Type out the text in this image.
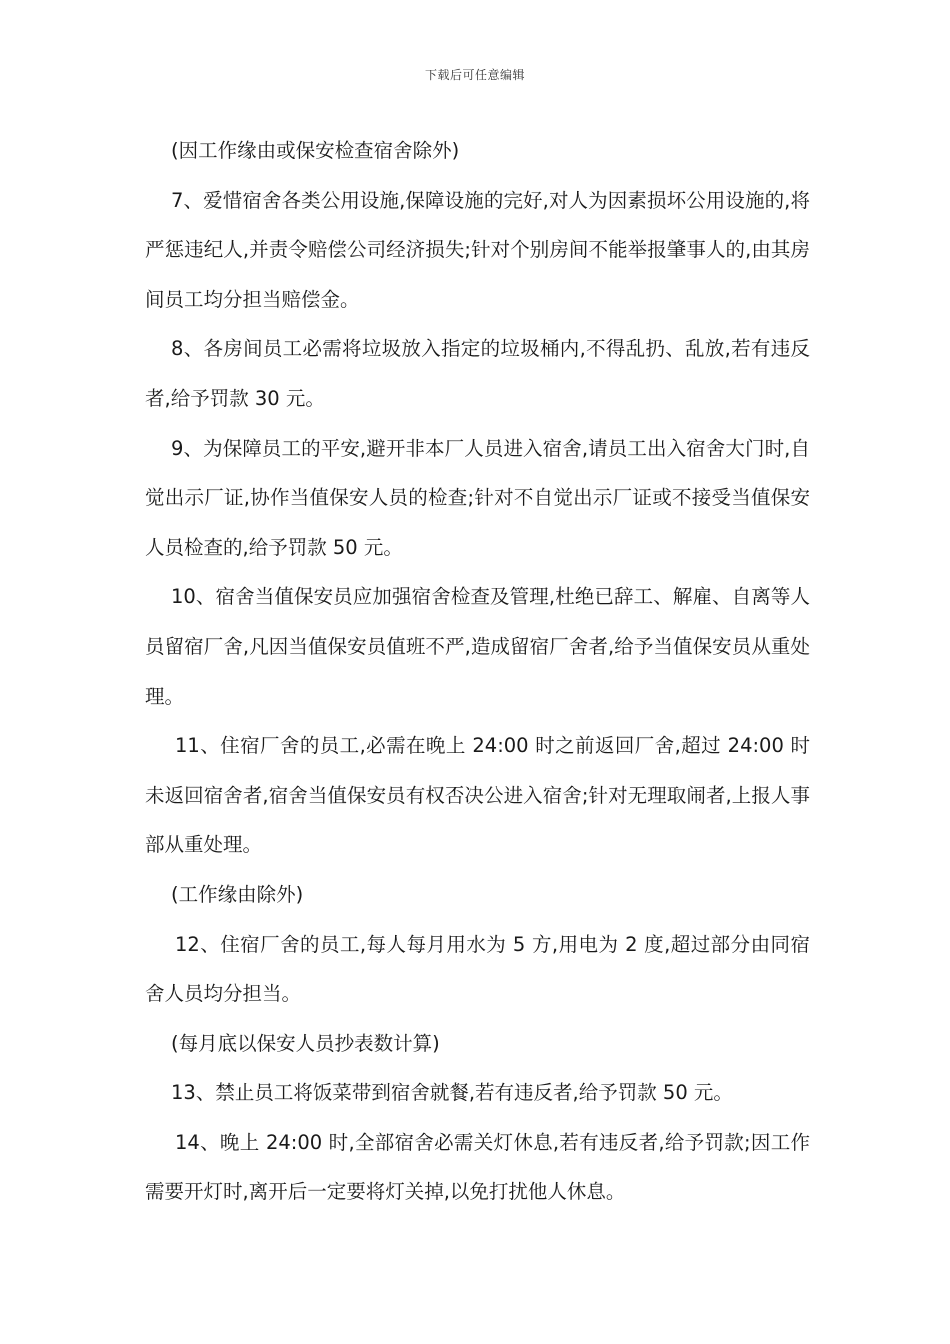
下载后可任意编辑

(因工作缘由或保安检查宿舍除外)

7、爱惜宿舍各类公用设施,保障设施的完好,对人为因素损坏公用设施的,将严惩违纪人,并责令赔偿公司经济损失;针对个别房间不能举报肇事人的,由其房间员工均分担当赔偿金。

8、各房间员工必需将垃圾放入指定的垃圾桶内,不得乱扔、乱放,若有违反者,给予罚款 30 元。

9、为保障员工的平安,避开非本厂人员进入宿舍,请员工出入宿舍大门时,自觉出示厂证,协作当值保安人员的检查;针对不自觉出示厂证或不接受当值保安人员检查的,给予罚款 50 元。

10、宿舍当值保安员应加强宿舍检查及管理,杜绝已辞工、解雇、自离等人员留宿厂舍,凡因当值保安员值班不严,造成留宿厂舍者,给予当值保安员从重处理。

11、住宿厂舍的员工,必需在晚上 24:00 时之前返回厂舍,超过 24:00 时未返回宿舍者,宿舍当值保安员有权否决公进入宿舍;针对无理取闹者,上报人事部从重处理。

(工作缘由除外)

12、住宿厂舍的员工,每人每月用水为 5 方,用电为 2 度,超过部分由同宿舍人员均分担当。

(每月底以保安人员抄表数计算)

13、禁止员工将饭菜带到宿舍就餐,若有违反者,给予罚款 50 元。

14、晚上 24:00 时,全部宿舍必需关灯休息,若有违反者,给予罚款;因工作需要开灯时,离开后一定要将灯关掉,以免打扰他人休息。
